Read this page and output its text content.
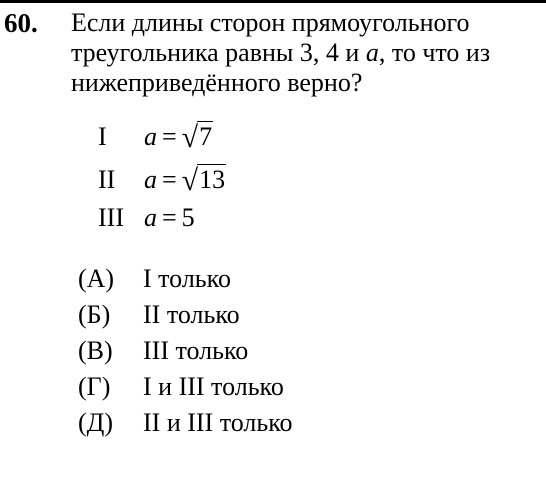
60. Если длины сторон прямоугольного
треугольника равны 3, 4 и a, то что из
нижеприведённого верно?
I a = √7
II a = √13
III a = 5
(A) I только
(Б) II только
(В) III только
(Г) I и III только
(Д) II и III только
